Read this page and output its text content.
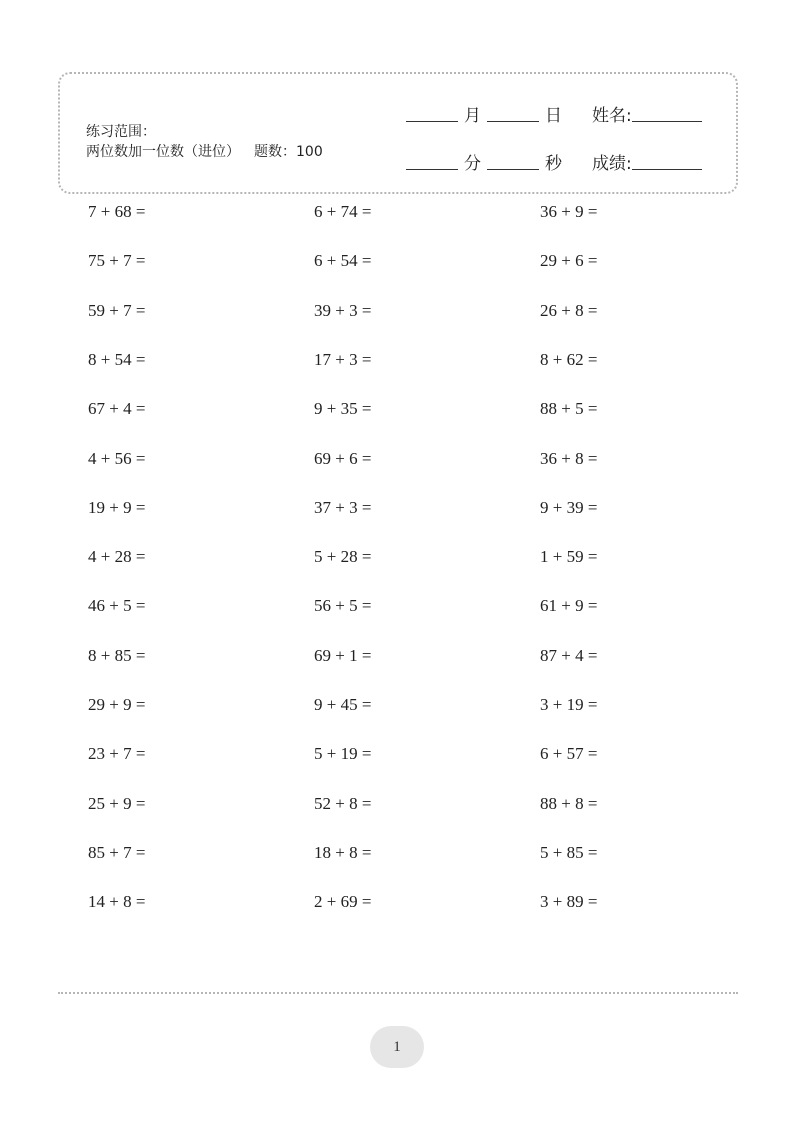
练习范围：
两位数加一位数（进位） 题数：100
月	日 姓名:
分	秒 成绩:
7 + 68 =	6 + 74 =	36 + 9 =
75 + 7 =	6 + 54 =	29 + 6 =
59 + 7 =	39 + 3 =	26 + 8 =
8 + 54 =	17 + 3 =	8 + 62 =
67 + 4 =	9 + 35 =	88 + 5 =
4 + 56 =	69 + 6 =	36 + 8 =
19 + 9 =	37 + 3 =	9 + 39 =
4 + 28 =	5 + 28 =	1 + 59 =
46 + 5 =	56 + 5 =	61 + 9 =
8 + 85 =	69 + 1 =	87 + 4 =
29 + 9 =	9 + 45 =	3 + 19 =
23 + 7 =	5 + 19 =	6 + 57 =
25 + 9 =	52 + 8 =	88 + 8 =
85 + 7 =	18 + 8 =	5 + 85 =
14 + 8 =	2 + 69 =	3 + 89 =
1
